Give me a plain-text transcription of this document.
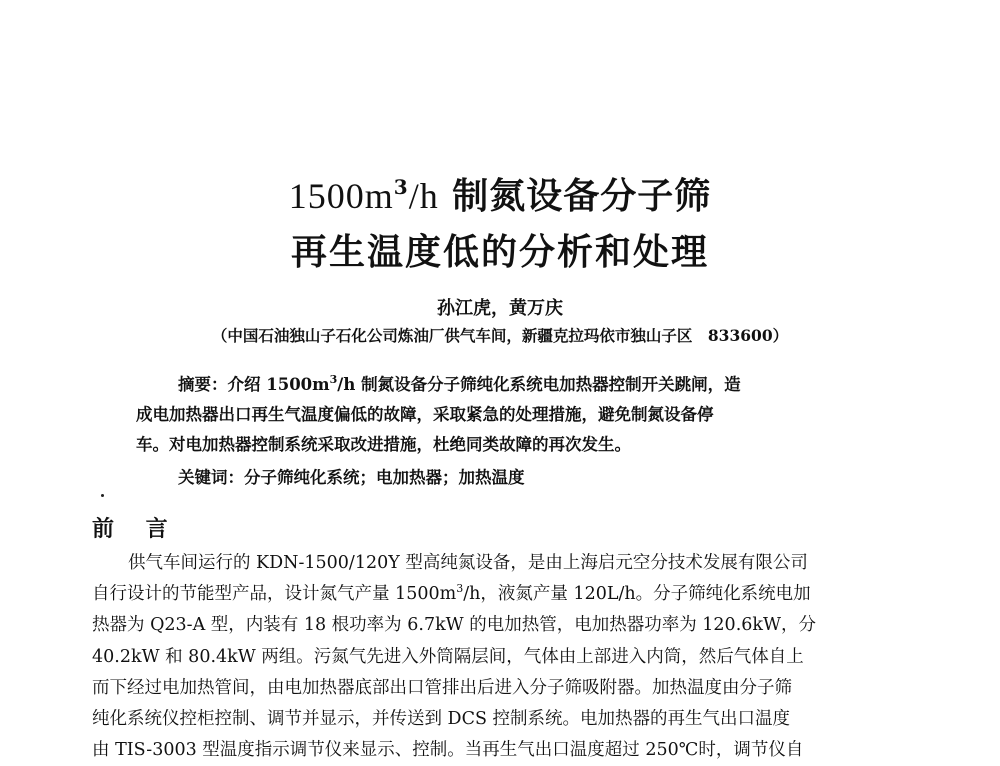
$1500m^3/h$ 制氮设备分子筛
再生温度低的分析和处理
孙江虎，黄万庆
（中国石油独山子石化公司炼油厂供气车间，新疆克拉玛依市独山子区　833600）
摘要：介绍 $1500m^3/h$ 制氮设备分子筛纯化系统电加热器控制开关跳闸，造
成电加热器出口再生气温度偏低的故障，采取紧急的处理措施，避免制氮设备停
车。对电加热器控制系统采取改进措施，杜绝同类故障的再次发生。
关键词：分子筛纯化系统；电加热器；加热温度
前 言
供气车间运行的 KDN-1500/120Y 型高纯氮设备，是由上海启元空分技术发展有限公司
自行设计的节能型产品，设计氮气产量 $1500m^3/h$，液氮产量 120L/h。分子筛纯化系统电加
热器为 Q23-A 型，内装有 18 根功率为 6.7kW 的电加热管，电加热器功率为 120.6kW，分
40.2kW 和 80.4kW 两组。污氮气先进入外筒隔层间，气体由上部进入内筒，然后气体自上
而下经过电加热管间，由电加热器底部出口管排出后进入分子筛吸附器。加热温度由分子筛
纯化系统仪控柜控制、调节并显示，并传送到 DCS 控制系统。电加热器的再生气出口温度
由 TIS-3003 型温度指示调节仪来显示、控制。当再生气出口温度超过 250℃时，调节仪自
